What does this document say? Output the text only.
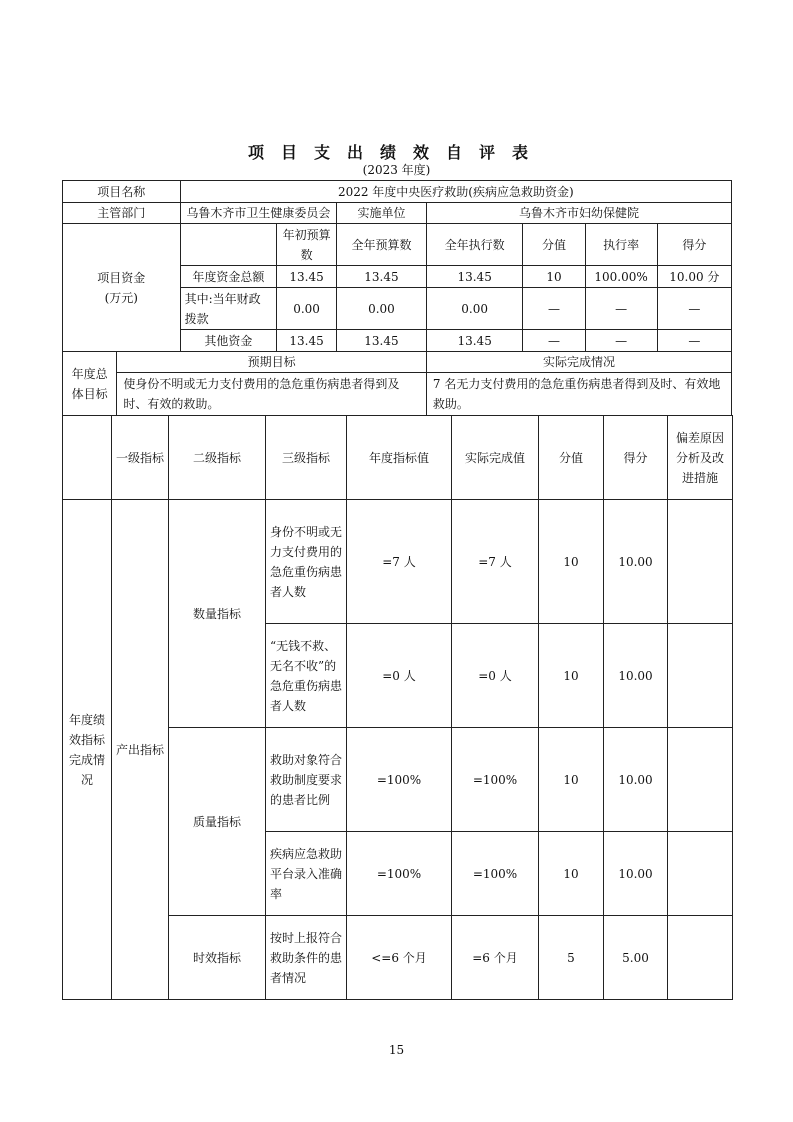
项目支出绩效自评表
(2023 年度)
项目名称		2022 年度中央医疗救助(疾病应急救助资金)						
主管部门		乌鲁木齐市卫生健康委员会		实施单位	乌鲁木齐市妇幼保健院			

项目资金
(万元)			年初预算数	全年预算数	全年执行数	分值	执行率	得分
		年度资金总额	13.45	13.45	13.45	10	100.00%	10.00 分
		其中:当年财政拨款	0.00	0.00	0.00	—	—	—
		其他资金	13.45	13.45	13.45	—	—	—
年度总体目标	预期目标				实际完成情况			
	使身份不明或无力支付费用的急危重伤病患者得到及时、有效的救助。				7 名无力支付费用的急危重伤病患者得到及时、有效地救助。			
	一级指标	二级指标	三级指标	年度指标值	实际完成值	分值	得分	偏差原因分析及改进措施
年度绩效指标完成情况	产出指标	数量指标	身份不明或无力支付费用的急危重伤病患者人数	=7 人	=7 人	10	10.00	
			“无钱不救、无名不收”的急危重伤病患者人数	=0 人	=0 人	10	10.00	
		质量指标	救助对象符合救助制度要求的患者比例	=100%	=100%	10	10.00	
			疾病应急救助平台录入准确率	=100%	=100%	10	10.00	
		时效指标	按时上报符合救助条件的患者情况	<=6 个月	=6 个月	5	5.00	
15
